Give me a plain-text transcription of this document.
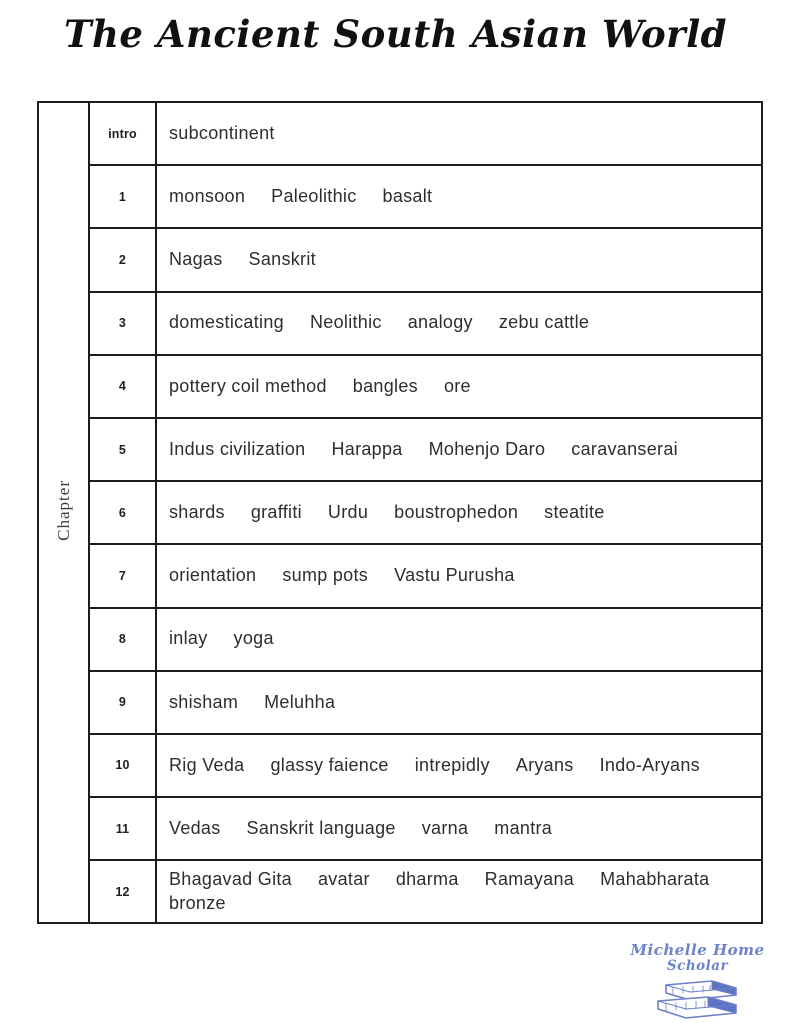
The Ancient South Asian World
Chapter	intro	subcontinent
	1	monsoon Paleolithic basalt
	2	Nagas Sanskrit
	3	domesticating Neolithic analogy zebu cattle
	4	pottery coil method bangles ore
	5	Indus civilization Harappa Mohenjo Daro caravanserai
	6	shards graffiti Urdu boustrophedon steatite
	7	orientation sump pots Vastu Purusha
	8	inlay yoga
	9	shisham Meluhha
	10	Rig Veda glassy faience intrepidly Aryans Indo-Aryans
	11	Vedas Sanskrit language varna mantra
	12	Bhagavad Gita avatar dharma Ramayana Mahabharatabronze
Michelle Home
Scholar
